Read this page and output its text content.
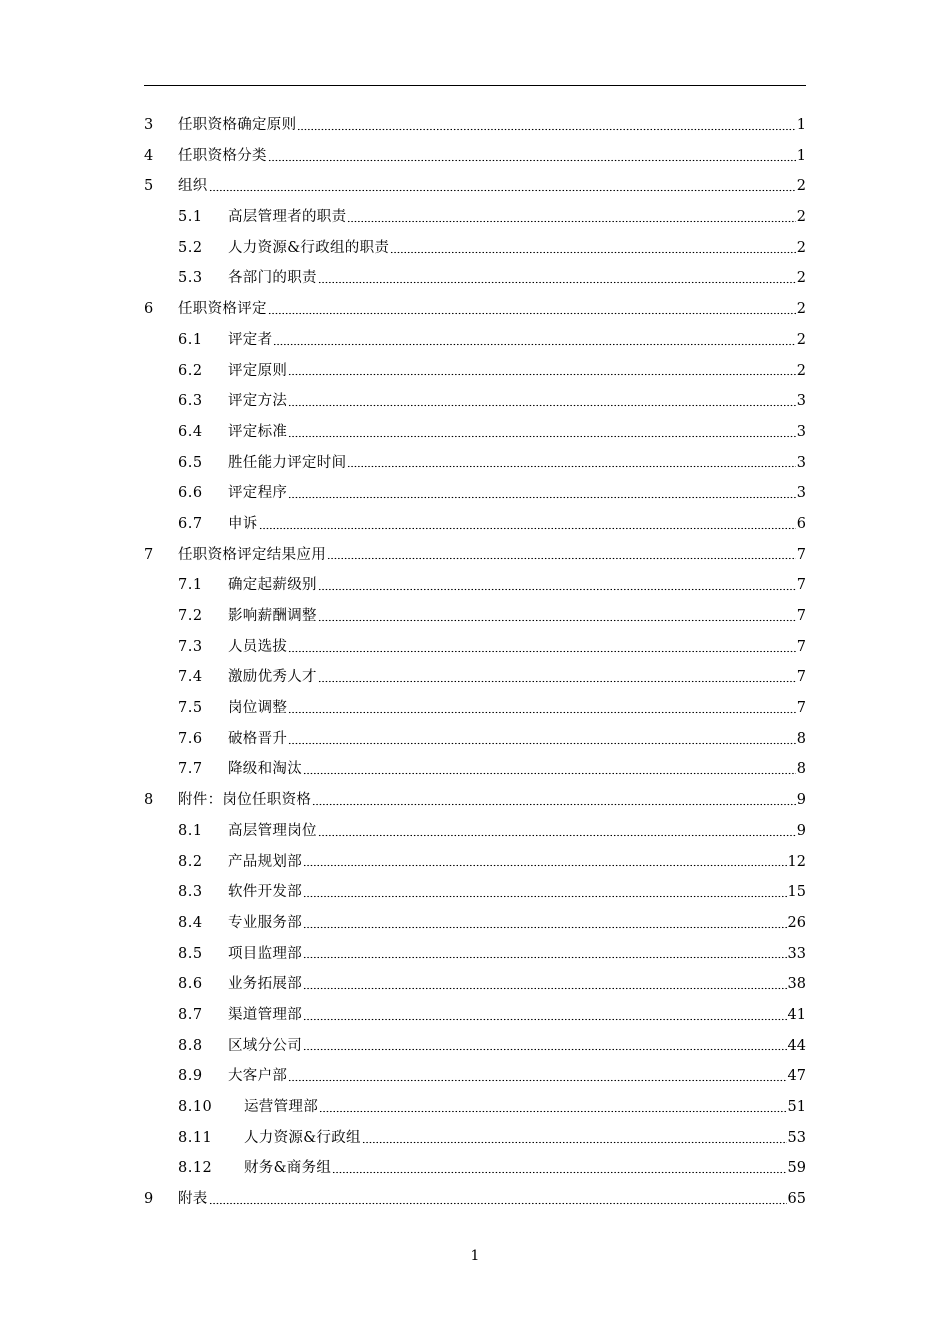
3	任职资格确定原则	1
4	任职资格分类	1
5	组织	2
5.1	高层管理者的职责	2
5.2	人力资源&行政组的职责	2
5.3	各部门的职责	2
6	任职资格评定	2
6.1	评定者	2
6.2	评定原则	2
6.3	评定方法	3
6.4	评定标准	3
6.5	胜任能力评定时间	3
6.6	评定程序	3
6.7	申诉	6
7	任职资格评定结果应用	7
7.1	确定起薪级别	7
7.2	影响薪酬调整	7
7.3	人员选拔	7
7.4	激励优秀人才	7
7.5	岗位调整	7
7.6	破格晋升	8
7.7	降级和淘汰	8
8	附件：岗位任职资格	9
8.1	高层管理岗位	9
8.2	产品规划部	12
8.3	软件开发部	15
8.4	专业服务部	26
8.5	项目监理部	33
8.6	业务拓展部	38
8.7	渠道管理部	41
8.8	区域分公司	44
8.9	大客户部	47
8.10	运营管理部	51
8.11	人力资源&行政组	53
8.12	财务&商务组	59
9	附表	65
1
